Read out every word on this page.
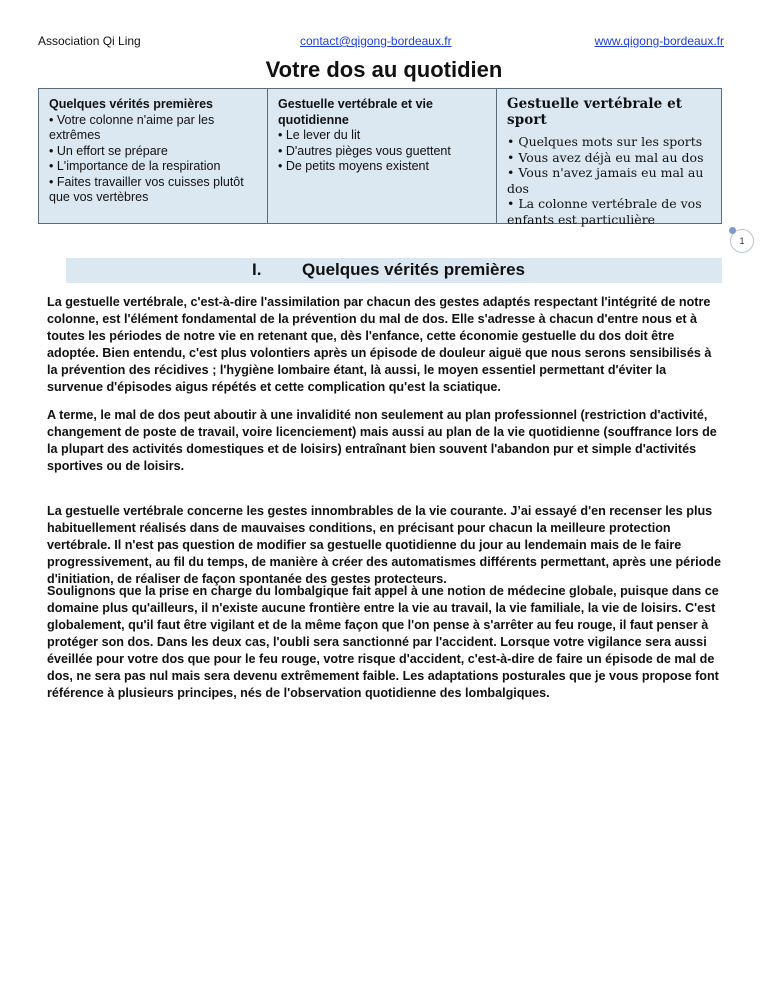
Association Qi Ling	contact@qigong-bordeaux.fr	www.qigong-bordeaux.fr
Votre dos au quotidien
Quelques vérités premières
• Votre colonne n'aime par les extrêmes
• Un effort se prépare
• L'importance de la respiration
• Faites travailler vos cuisses plutôt que vos vertèbres
Gestuelle vertébrale et vie quotidienne
• Le lever du lit
• D'autres pièges vous guettent
• De petits moyens existent
Gestuelle vertébrale et sport
• Quelques mots sur les sports
• Vous avez déjà eu mal au dos
• Vous n'avez jamais eu mal au dos
• La colonne vertébrale de vos enfants est particulière
1
I. Quelques vérités premières

La gestuelle vertébrale, c'est-à-dire l'assimilation par chacun des gestes adaptés respectant l'intégrité de notre colonne, est l'élément fondamental de la prévention du mal de dos. Elle s'adresse à chacun d'entre nous et à toutes les périodes de notre vie en retenant que, dès l'enfance, cette économie gestuelle du dos doit être adoptée. Bien entendu, c'est plus volontiers après un épisode de douleur aiguë que nous serons sensibilisés à la prévention des récidives ; l'hygiène lombaire étant, là aussi, le moyen essentiel permettant d'éviter la survenue d'épisodes aigus répétés et cette complication qu'est la sciatique.

A terme, le mal de dos peut aboutir à une invalidité non seulement au plan professionnel (restriction d'activité, changement de poste de travail, voire licenciement) mais aussi au plan de la vie quotidienne (souffrance lors de la plupart des activités domestiques et de loisirs) entraînant bien souvent l'abandon pur et simple d'activités sportives ou de loisirs.

La gestuelle vertébrale concerne les gestes innombrables de la vie courante. J’ai essayé d'en recenser les plus habituellement réalisés dans de mauvaises conditions, en précisant pour chacun la meilleure protection vertébrale. Il n'est pas question de modifier sa gestuelle quotidienne du jour au lendemain mais de le faire progressivement, au fil du temps, de manière à créer des automatismes différents permettant, après une période d'initiation, de réaliser de façon spontanée des gestes protecteurs.

Soulignons que la prise en charge du lombalgique fait appel à une notion de médecine globale, puisque dans ce domaine plus qu'ailleurs, il n'existe aucune frontière entre la vie au travail, la vie familiale, la vie de loisirs. C'est globalement, qu'il faut être vigilant et de la même façon que l'on pense à s'arrêter au feu rouge, il faut penser à protéger son dos. Dans les deux cas, l'oubli sera sanctionné par l'accident. Lorsque votre vigilance sera aussi éveillée pour votre dos que pour le feu rouge, votre risque d'accident, c'est-à-dire de faire un épisode de mal de dos, ne sera pas nul mais sera devenu extrêmement faible. Les adaptations posturales que je vous propose font référence à plusieurs principes, nés de l'observation quotidienne des lombalgiques.
